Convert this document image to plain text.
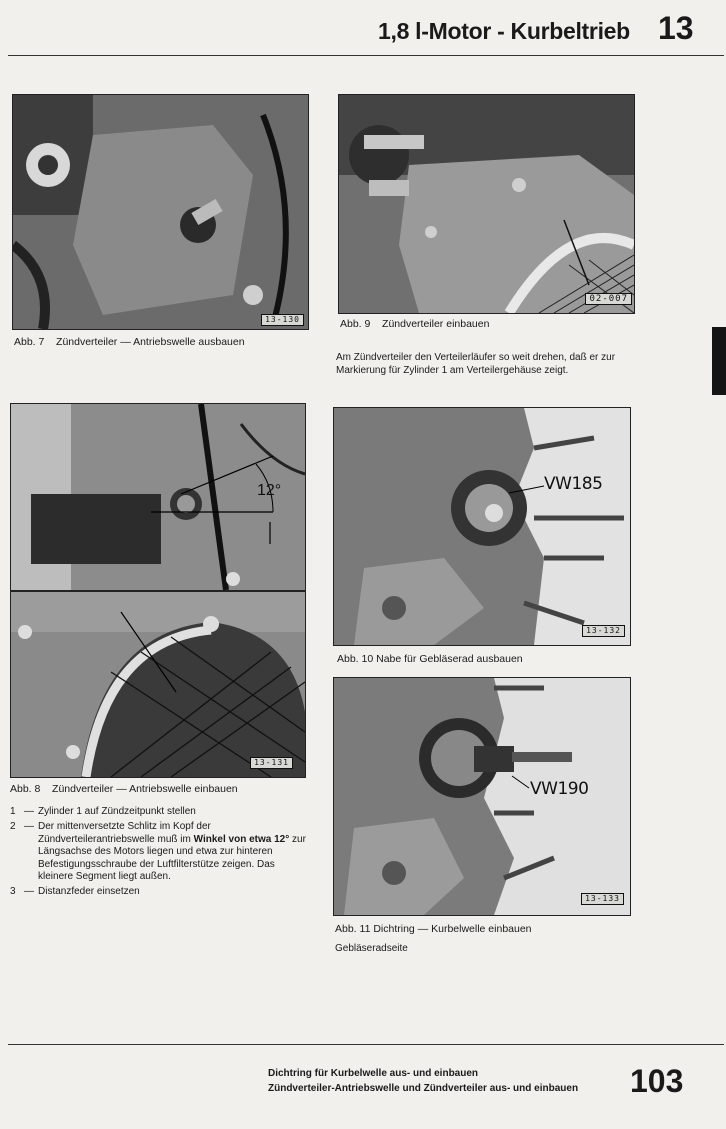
1,8 l-Motor - Kurbeltrieb 13
13-130
Abb. 7 Zündverteiler — Antriebswelle ausbauen
02-007
Abb. 9 Zündverteiler einbauen
Am Zündverteiler den Verteilerläufer so weit drehen, daß er zur Markierung für Zylinder 1 am Verteilergehäuse zeigt.
12°
13-131
Abb. 8 Zündverteiler — Antriebswelle einbauen
1 — Zylinder 1 auf Zündzeitpunkt stellen
2 — Der mittenversetzte Schlitz im Kopf der Zündverteilerantriebswelle muß im Winkel von etwa 12° zur Längsachse des Motors liegen und etwa zur hinteren Befestigungsschraube der Luftfilterstütze zeigen. Das kleinere Segment liegt außen.
3 — Distanzfeder einsetzen
VW185
13-132
Abb. 10 Nabe für Gebläserad ausbauen
VW190
13-133
Abb. 11 Dichtring — Kurbelwelle einbauen
Gebläseradseite
Dichtring für Kurbelwelle aus- und einbauen
Zündverteiler-Antriebswelle und Zündverteiler aus- und einbauen 103
